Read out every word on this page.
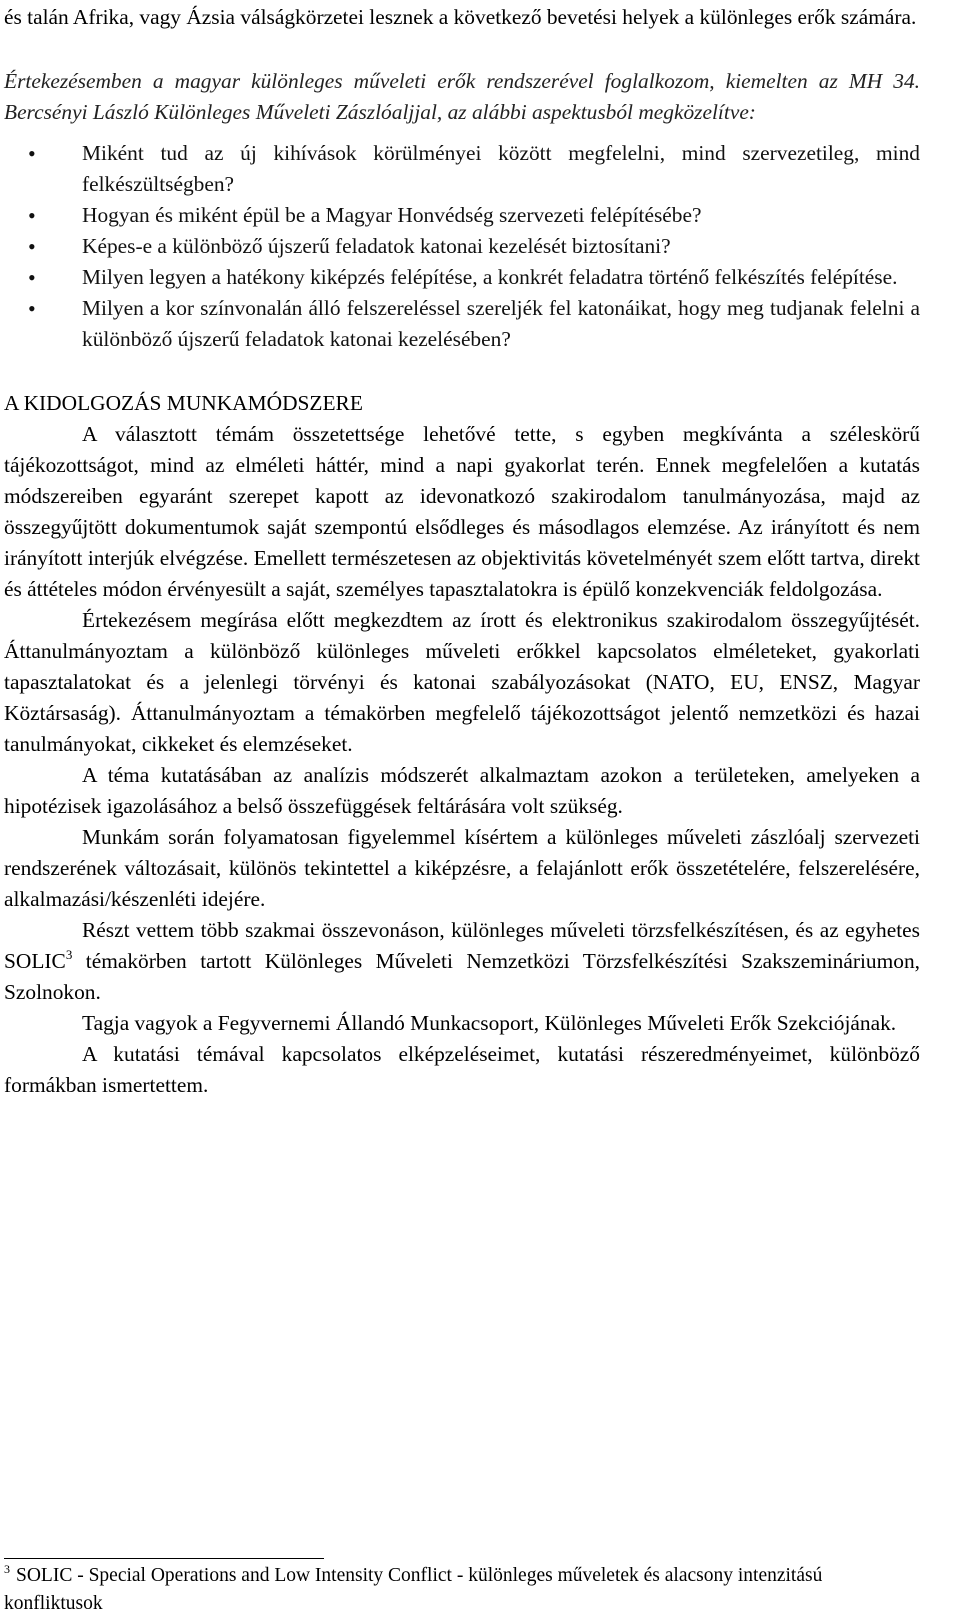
és talán Afrika, vagy Ázsia válságkörzetei lesznek a következő bevetési helyek a különleges erők számára.

Értekezésemben a magyar különleges műveleti erők rendszerével foglalkozom, kiemelten az MH 34. Bercsényi László Különleges Műveleti Zászlóaljjal, az alábbi aspektusból megközelítve:

• Miként tud az új kihívások körülményei között megfelelni, mind szervezetileg, mind felkészültségben?
• Hogyan és miként épül be a Magyar Honvédség szervezeti felépítésébe?
• Képes-e a különböző újszerű feladatok katonai kezelését biztosítani?
• Milyen legyen a hatékony kiképzés felépítése, a konkrét feladatra történő felkészítés felépítése.
• Milyen a kor színvonalán álló felszereléssel szereljék fel katonáikat, hogy meg tudjanak felelni a különböző újszerű feladatok katonai kezelésében?

A KIDOLGOZÁS MUNKAMÓDSZERE

A választott témám összetettsége lehetővé tette, s egyben megkívánta a széleskörű tájékozottságot, mind az elméleti háttér, mind a napi gyakorlat terén. Ennek megfelelően a kutatás módszereiben egyaránt szerepet kapott az idevonatkozó szakirodalom tanulmányozása, majd az összegyűjtött dokumentumok saját szempontú elsődleges és másodlagos elemzése. Az irányított és nem irányított interjúk elvégzése. Emellett természetesen az objektivitás követelményét szem előtt tartva, direkt és áttételes módon érvényesült a saját, személyes tapasztalatokra is épülő konzekvenciák feldolgozása.

Értekezésem megírása előtt megkezdtem az írott és elektronikus szakirodalom összegyűjtését. Áttanulmányoztam a különböző különleges műveleti erőkkel kapcsolatos elméleteket, gyakorlati tapasztalatokat és a jelenlegi törvényi és katonai szabályozásokat (NATO, EU, ENSZ, Magyar Köztársaság). Áttanulmányoztam a témakörben megfelelő tájékozottságot jelentő nemzetközi és hazai tanulmányokat, cikkeket és elemzéseket.

A téma kutatásában az analízis módszerét alkalmaztam azokon a területeken, amelyeken a hipotézisek igazolásához a belső összefüggések feltárására volt szükség.

Munkám során folyamatosan figyelemmel kísértem a különleges műveleti zászlóalj szervezeti rendszerének változásait, különös tekintettel a kiképzésre, a felajánlott erők összetételére, felszerelésére, alkalmazási/készenléti idejére.

Részt vettem több szakmai összevonáson, különleges műveleti törzsfelkészítésen, és az egyhetes SOLIC$^3$ témakörben tartott Különleges Műveleti Nemzetközi Törzsfelkészítési Szakszemináriumon, Szolnokon.

Tagja vagyok a Fegyvernemi Állandó Munkacsoport, Különleges Műveleti Erők Szekciójának.

A kutatási témával kapcsolatos elképzeléseimet, kutatási részeredményeimet, különböző formákban ismertettem.

$^3$ SOLIC - Special Operations and Low Intensity Conflict - különleges műveletek és alacsony intenzitású konfliktusok
